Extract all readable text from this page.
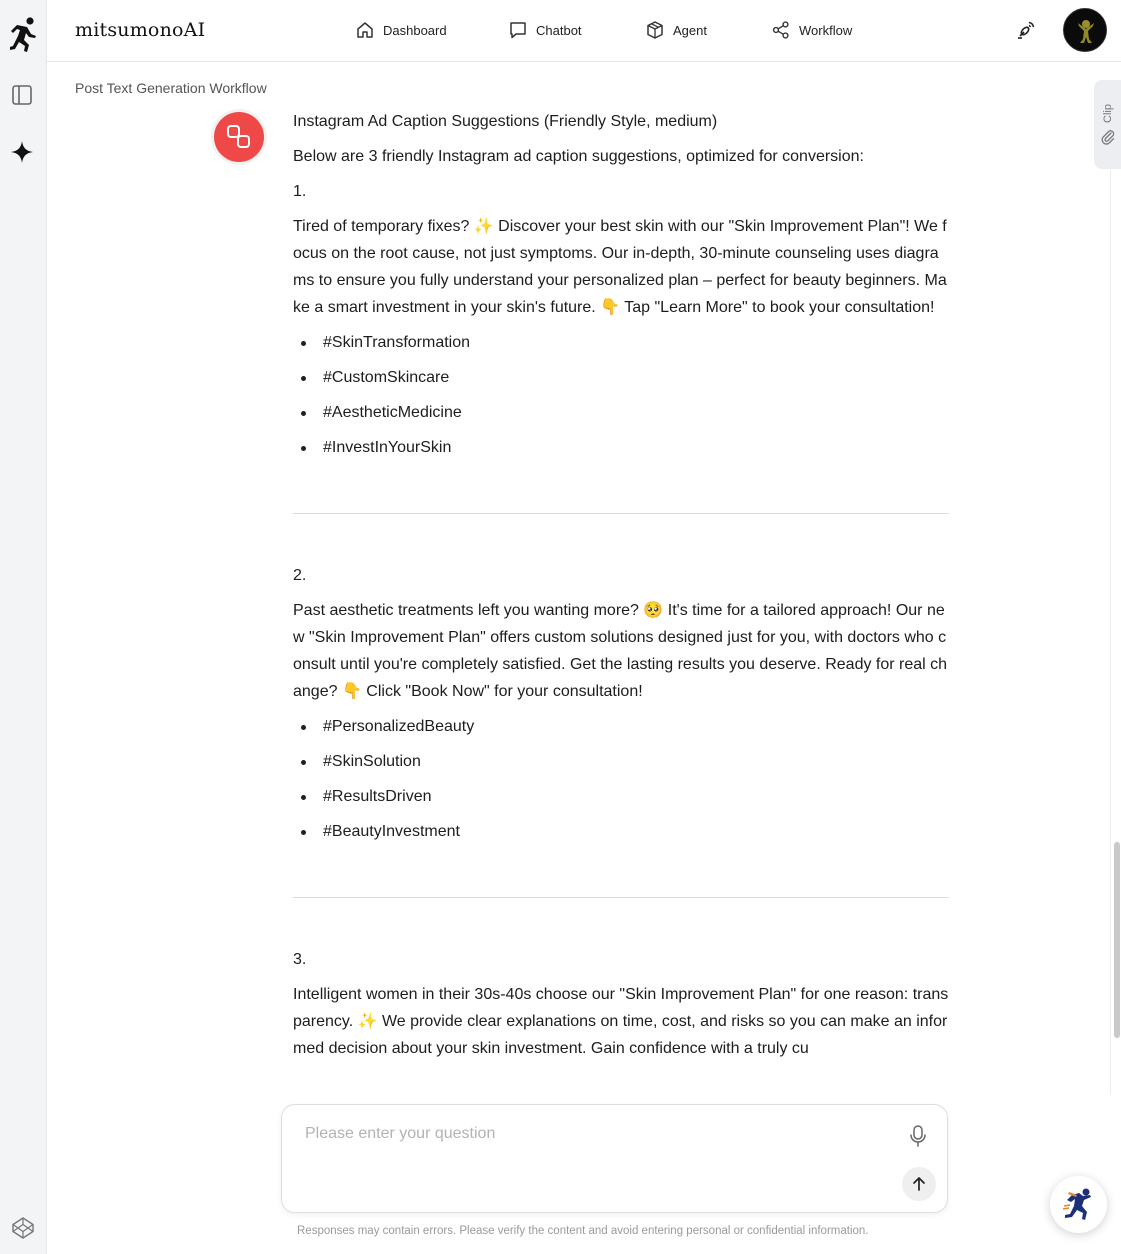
mitsumonoAI	Dashboard	Chatbot	Agent	Workflow
Post Text Generation Workflow
Clip

Instagram Ad Caption Suggestions (Friendly Style, medium)

Below are 3 friendly Instagram ad caption suggestions, optimized for conversion:

1.

Tired of temporary fixes? ✨ Discover your best skin with our "Skin Improvement Plan"! We focus on the root cause, not just symptoms. Our in-depth, 30-minute counseling uses diagrams to ensure you fully understand your personalized plan – perfect for beauty beginners. Make a smart investment in your skin's future. 👇 Tap "Learn More" to book your consultation!

#SkinTransformation
#CustomSkincare
#AestheticMedicine
#InvestInYourSkin

2.

Past aesthetic treatments left you wanting more? 🥺 It's time for a tailored approach! Our new "Skin Improvement Plan" offers custom solutions designed just for you, with doctors who consult until you're completely satisfied. Get the lasting results you deserve. Ready for real change? 👇 Click "Book Now" for your consultation!

#PersonalizedBeauty
#SkinSolution
#ResultsDriven
#BeautyInvestment

3.

Intelligent women in their 30s-40s choose our "Skin Improvement Plan" for one reason: transparency. ✨ We provide clear explanations on time, cost, and risks so you can make an informed decision about your skin investment. Gain confidence with a truly cu

Please enter your question
Responses may contain errors. Please verify the content and avoid entering personal or confidential information.
